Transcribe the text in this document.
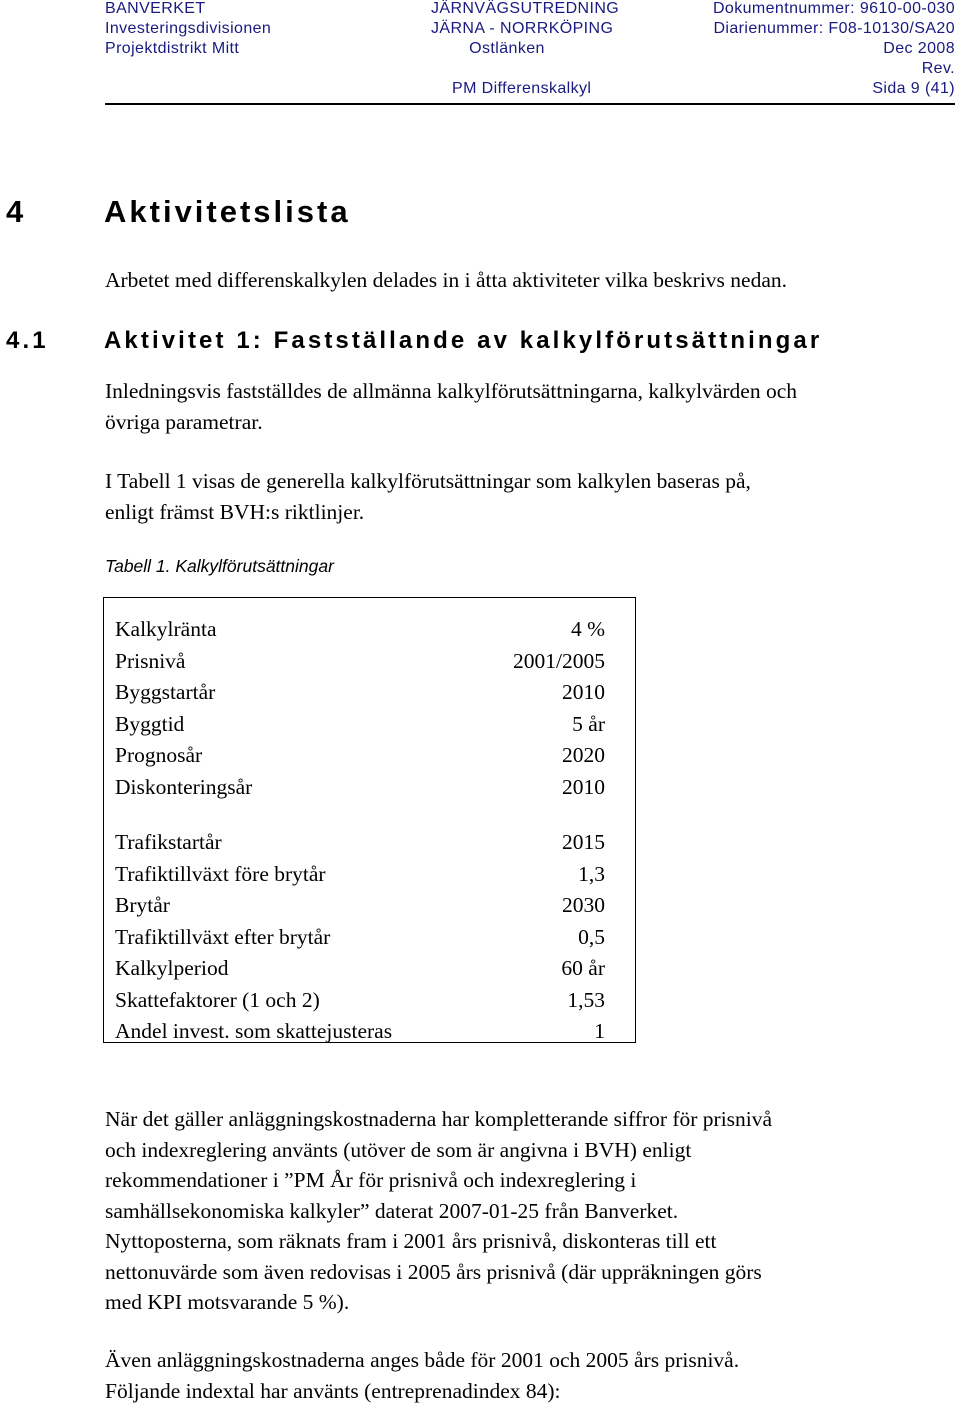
BANVERKET	JÄRNVÄGSUTREDNING	Dokumentnummer: 9610-00-030
Investeringsdivisionen	JÄRNA - NORRKÖPING	Diarienummer: F08-10130/SA20
Projektdistrikt Mitt	Ostlänken	Dec 2008
Rev.
PM Differenskalkyl	Sida 9 (41)
4	Aktivitetslista

Arbetet med differenskalkylen delades in i åtta aktiviteter vilka beskrivs nedan.

4.1 Aktivitet 1: Fastställande av kalkylförutsättningar

Inledningsvis fastställdes de allmänna kalkylförutsättningarna, kalkylvärden och
övriga parametrar.

I Tabell 1 visas de generella kalkylförutsättningar som kalkylen baseras på,
enligt främst BVH:s riktlinjer.

Tabell 1. Kalkylförutsättningar
Kalkylränta	4 %
Prisnivå	2001/2005
Byggstartår	2010
Byggtid	5 år
Prognosår	2020
Diskonteringsår	2010
Trafikstartår	2015
Trafiktillväxt före brytår	1,3
Brytår	2030
Trafiktillväxt efter brytår	0,5
Kalkylperiod	60 år
Skattefaktorer (1 och 2)	1,53
Andel invest. som skattejusteras	1

När det gäller anläggningskostnaderna har kompletterande siffror för prisnivå
och indexreglering använts (utöver de som är angivna i BVH) enligt
rekommendationer i ”PM År för prisnivå och indexreglering i
samhällsekonomiska kalkyler” daterat 2007-01-25 från Banverket.
Nyttoposterna, som räknats fram i 2001 års prisnivå, diskonteras till ett
nettonuvärde som även redovisas i 2005 års prisnivå (där uppräkningen görs
med KPI motsvarande 5 %).

Även anläggningskostnaderna anges både för 2001 och 2005 års prisnivå.
Följande indextal har använts (entreprenadindex 84):
